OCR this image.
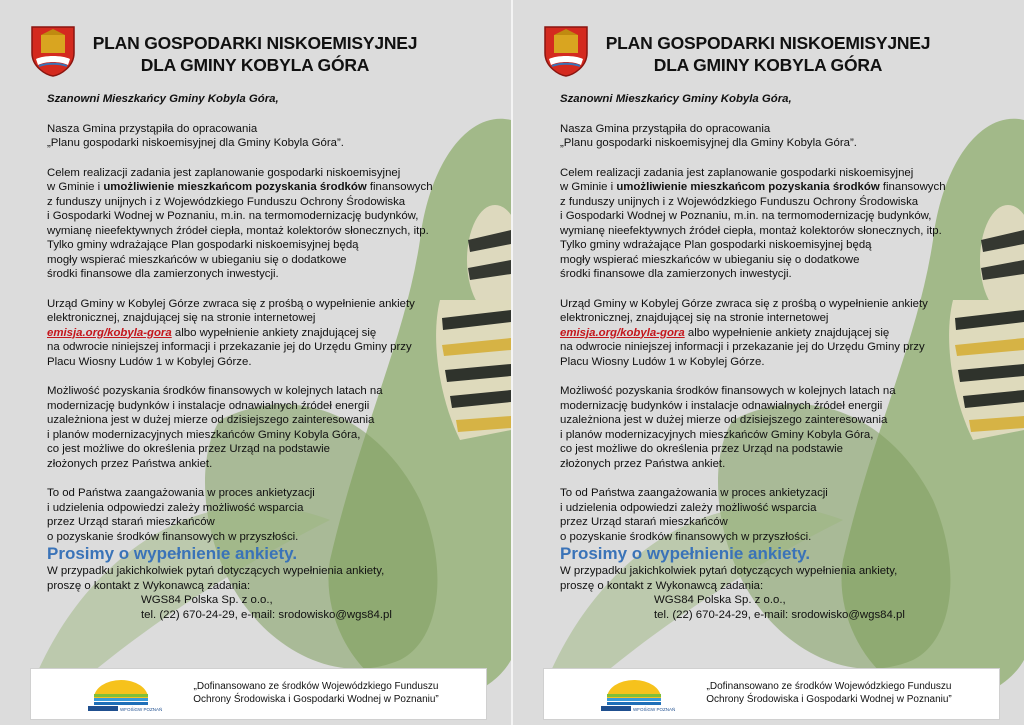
PLAN GOSPODARKI NISKOEMISYJNEJ
DLA GMINY KOBYLA GÓRA

Szanowni Mieszkańcy Gminy Kobyla Góra,

Nasza Gmina przystąpiła do opracowania

„Planu gospodarki niskoemisyjnej dla Gminy Kobyla Góra”.

Celem realizacji zadania jest zaplanowanie gospodarki niskoemisyjnej

w Gminie i umożliwienie mieszkańcom pozyskania środków finansowych

z funduszy unijnych i z Wojewódzkiego Funduszu Ochrony Środowiska

i Gospodarki Wodnej w Poznaniu, m.in. na termomodernizację budynków,

wymianę nieefektywnych źródeł ciepła, montaż kolektorów słonecznych, itp.

Tylko gminy wdrażające Plan gospodarki niskoemisyjnej będą

mogły wspierać mieszkańców w ubieganiu się o dodatkowe

środki finansowe dla zamierzonych inwestycji.

Urząd Gminy w Kobylej Górze zwraca się z prośbą o wypełnienie ankiety

elektronicznej, znajdującej się na stronie internetowej

emisja.org/kobyla-gora albo wypełnienie ankiety znajdującej się

na odwrocie niniejszej informacji i przekazanie jej do Urzędu Gminy przy

Placu Wiosny Ludów 1 w Kobylej Górze.

Możliwość pozyskania środków finansowych w kolejnych latach na

modernizację budynków i instalacje odnawialnych źródeł energii

uzależniona jest w dużej mierze od dzisiejszego zainteresowania

i planów modernizacyjnych mieszkańców Gminy Kobyla Góra,

co jest możliwe do określenia przez Urząd na podstawie

złożonych przez Państwa ankiet.

To od Państwa zaangażowania w proces ankietyzacji

i udzielenia odpowiedzi zależy możliwość wsparcia

przez Urząd starań mieszkańców

o pozyskanie środków finansowych w przyszłości.

Prosimy o wypełnienie ankiety.

W przypadku jakichkolwiek pytań dotyczących wypełnienia ankiety,

proszę o kontakt z Wykonawcą zadania:

WGS84 Polska Sp. z o.o.,

tel. (22) 670-24-29, e-mail: srodowisko@wgs84.pl

WFOŚiGW POZNAŃ
„Dofinansowano ze środków Wojewódzkiego Funduszu
Ochrony Środowiska i Gospodarki Wodnej w Poznaniu”
PLAN GOSPODARKI NISKOEMISYJNEJ
DLA GMINY KOBYLA GÓRA

Szanowni Mieszkańcy Gminy Kobyla Góra,

Nasza Gmina przystąpiła do opracowania

„Planu gospodarki niskoemisyjnej dla Gminy Kobyla Góra”.

Celem realizacji zadania jest zaplanowanie gospodarki niskoemisyjnej

w Gminie i umożliwienie mieszkańcom pozyskania środków finansowych

z funduszy unijnych i z Wojewódzkiego Funduszu Ochrony Środowiska

i Gospodarki Wodnej w Poznaniu, m.in. na termomodernizację budynków,

wymianę nieefektywnych źródeł ciepła, montaż kolektorów słonecznych, itp.

Tylko gminy wdrażające Plan gospodarki niskoemisyjnej będą

mogły wspierać mieszkańców w ubieganiu się o dodatkowe

środki finansowe dla zamierzonych inwestycji.

Urząd Gminy w Kobylej Górze zwraca się z prośbą o wypełnienie ankiety

elektronicznej, znajdującej się na stronie internetowej

emisja.org/kobyla-gora albo wypełnienie ankiety znajdującej się

na odwrocie niniejszej informacji i przekazanie jej do Urzędu Gminy przy

Placu Wiosny Ludów 1 w Kobylej Górze.

Możliwość pozyskania środków finansowych w kolejnych latach na

modernizację budynków i instalacje odnawialnych źródeł energii

uzależniona jest w dużej mierze od dzisiejszego zainteresowania

i planów modernizacyjnych mieszkańców Gminy Kobyla Góra,

co jest możliwe do określenia przez Urząd na podstawie

złożonych przez Państwa ankiet.

To od Państwa zaangażowania w proces ankietyzacji

i udzielenia odpowiedzi zależy możliwość wsparcia

przez Urząd starań mieszkańców

o pozyskanie środków finansowych w przyszłości.

Prosimy o wypełnienie ankiety.

W przypadku jakichkolwiek pytań dotyczących wypełnienia ankiety,

proszę o kontakt z Wykonawcą zadania:

WGS84 Polska Sp. z o.o.,

tel. (22) 670-24-29, e-mail: srodowisko@wgs84.pl

WFOŚiGW POZNAŃ
„Dofinansowano ze środków Wojewódzkiego Funduszu
Ochrony Środowiska i Gospodarki Wodnej w Poznaniu”
